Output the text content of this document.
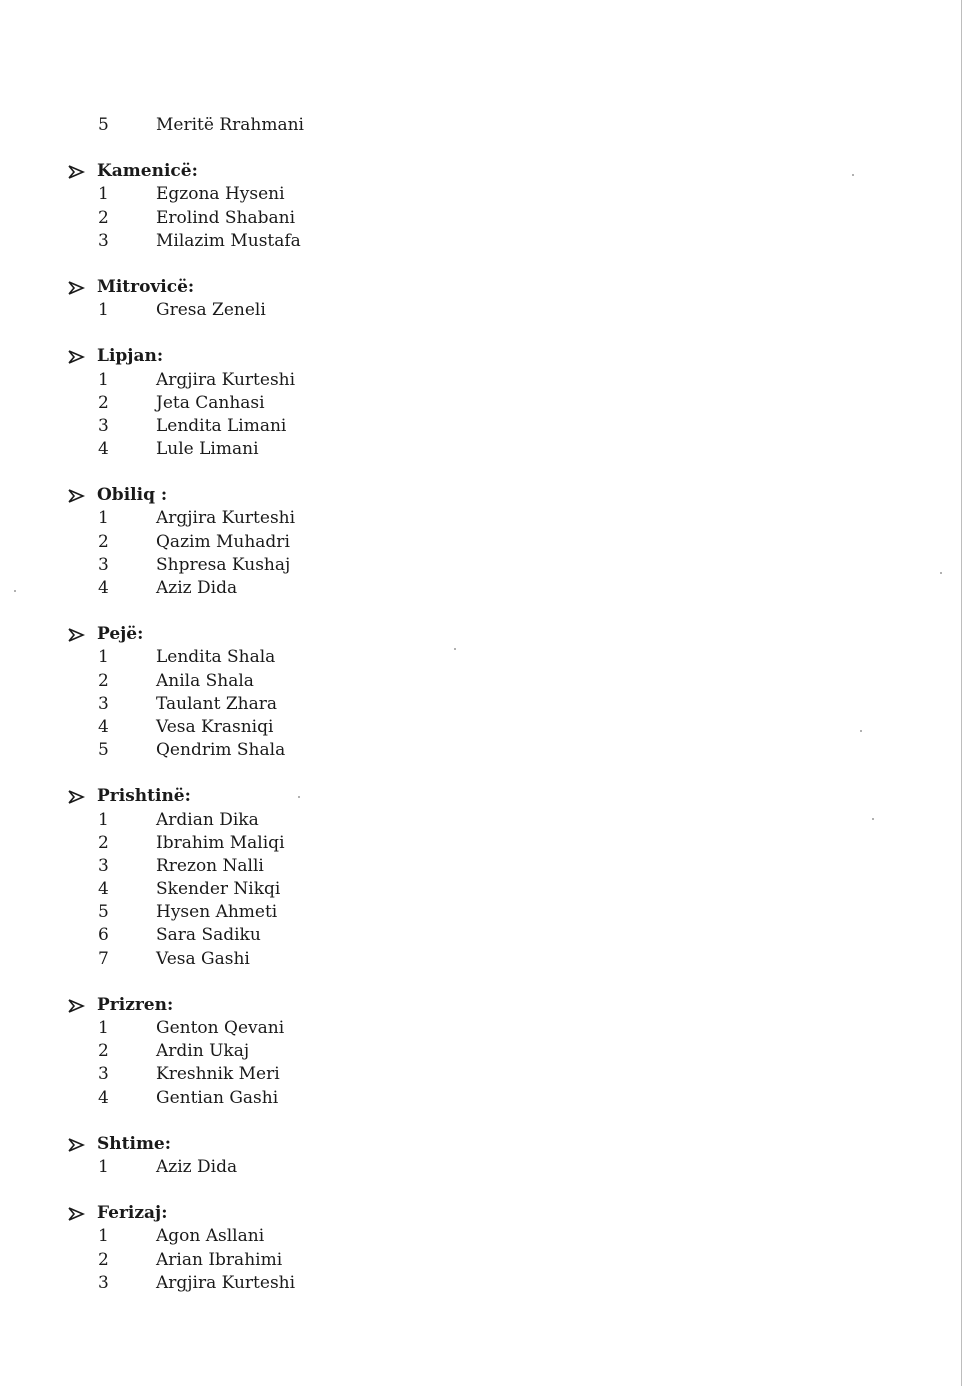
5	Meritë Rrahmani
Kamenicë:
1	Egzona Hyseni
2	Erolind Shabani
3	Milazim Mustafa
Mitrovicë:
1	Gresa Zeneli
Lipjan:
1	Argjira Kurteshi
2	Jeta Canhasi
3	Lendita Limani
4	Lule Limani
Obiliq :
1	Argjira Kurteshi
2	Qazim Muhadri
3	Shpresa Kushaj
4	Aziz Dida
Pejë:
1	Lendita Shala
2	Anila Shala
3	Taulant Zhara
4	Vesa Krasniqi
5	Qendrim Shala
Prishtinë:
1	Ardian Dika
2	Ibrahim Maliqi
3	Rrezon Nalli
4	Skender Nikqi
5	Hysen Ahmeti
6	Sara Sadiku
7	Vesa Gashi
Prizren:
1	Genton Qevani
2	Ardin Ukaj
3	Kreshnik Meri
4	Gentian Gashi
Shtime:
1	Aziz Dida
Ferizaj:
1	Agon Asllani
2	Arian Ibrahimi
3	Argjira Kurteshi
